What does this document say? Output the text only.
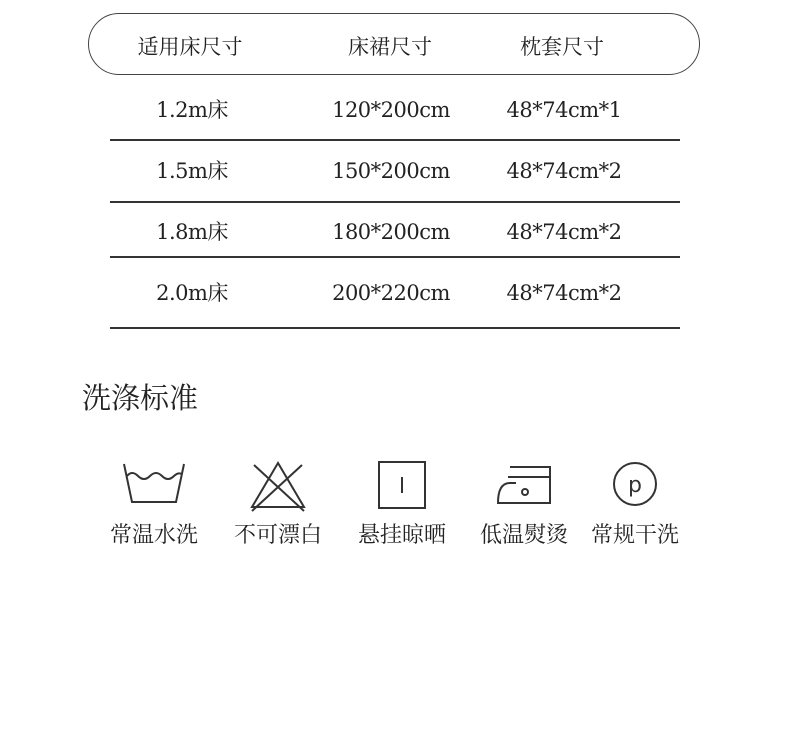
适用床尺寸	床裙尺寸	枕套尺寸
1.2m床	120*200cm	48*74cm*1
1.5m床	150*200cm	48*74cm*2
1.8m床	180*200cm	48*74cm*2
2.0m床	200*220cm	48*74cm*2
洗涤标准
常温水洗	不可漂白	悬挂晾晒	低温熨烫
p
常规干洗
